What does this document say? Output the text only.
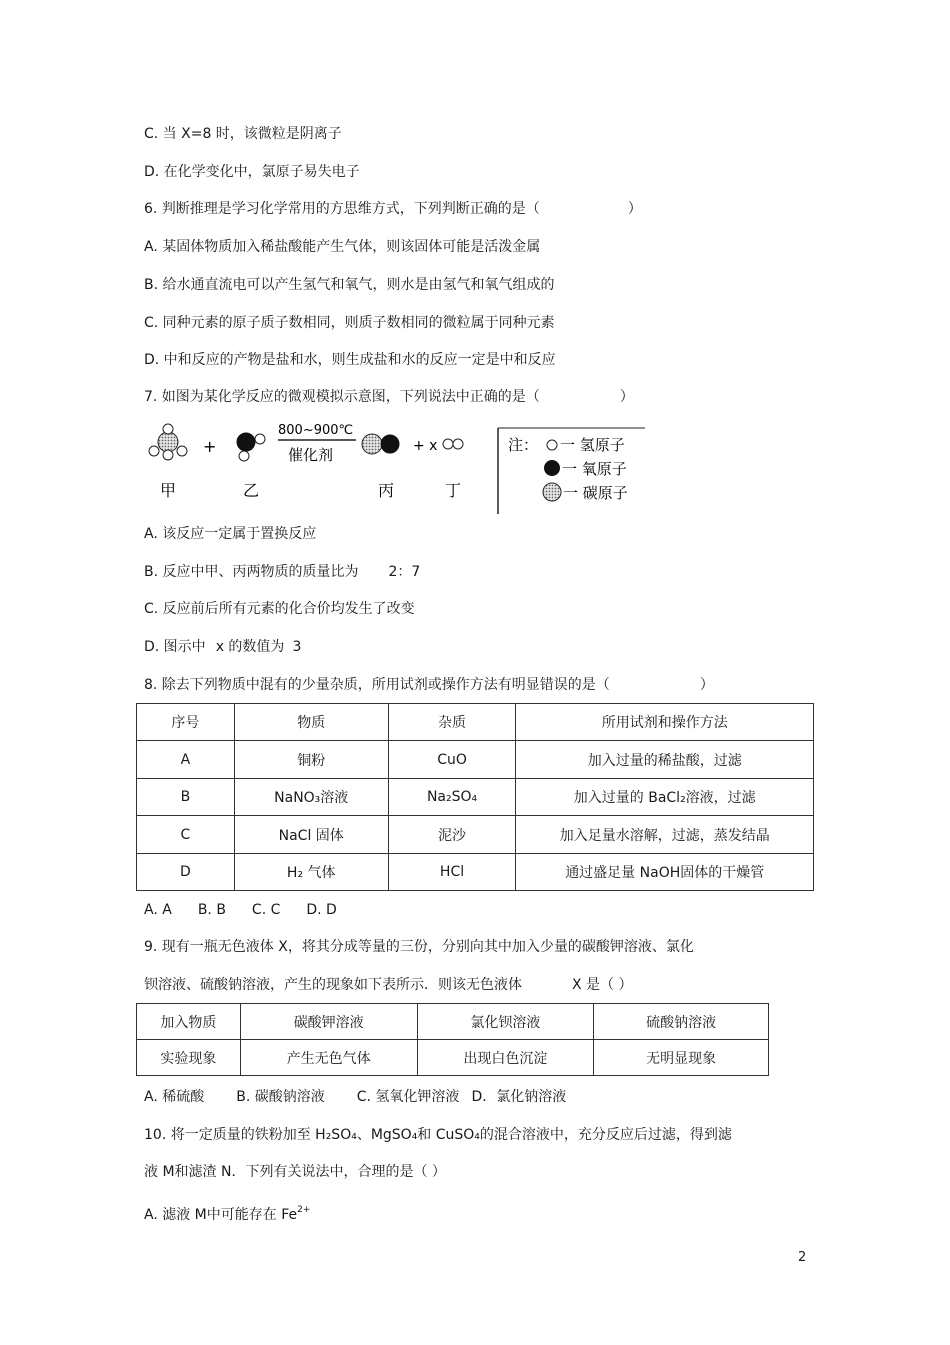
C. 当 X=8 时，该微粒是阴离子
D. 在化学变化中，氯原子易失电子
6. 判断推理是学习化学常用的方思维方式，下列判断正确的是（	）
A. 某固体物质加入稀盐酸能产生气体，则该固体可能是活泼金属
B. 给水通直流电可以产生氢气和氧气，则水是由氢气和氧气组成的
C. 同种元素的原子质子数相同，则质子数相同的微粒属于同种元素
D. 中和反应的产物是盐和水，则生成盐和水的反应一定是中和反应
7. 如图为某化学反应的微观模拟示意图，下列说法中正确的是（	）
+
800~900℃
催化剂	+ x
甲	乙	丙	丁
注： 一 氢原子
一 氧原子
一 碳原子
A. 该反应一定属于置换反应
B. 反应中甲、丙两物质的质量比为 2：7
C. 反应前后所有元素的化合价均发生了改变
D. 图示中 x 的数值为 3
8. 除去下列物质中混有的少量杂质，所用试剂或操作方法有明显错误的是（	）
序号	物质	杂质	所用试剂和操作方法
A	铜粉	CuO	加入过量的稀盐酸，过滤
B	NaNO₃溶液	Na₂SO₄	加入过量的 BaCl₂溶液，过滤
C	NaCl 固体	泥沙	加入足量水溶解，过滤，蒸发结晶
D	H₂ 气体	HCl	通过盛足量 NaOH固体的干燥管
A. A B. B C. C D. D
9. 现有一瓶无色液体 X，将其分成等量的三份，分别向其中加入少量的碳酸钾溶液、氯化
钡溶液、硫酸钠溶液，产生的现象如下表所示．则该无色液体	X 是（ ）
加入物质	碳酸钾溶液	氯化钡溶液	硫酸钠溶液
实验现象	产生无色气体	出现白色沉淀	无明显现象
A. 稀硫酸 B. 碳酸钠溶液 C. 氢氧化钾溶液 D．氯化钠溶液
10. 将一定质量的铁粉加至 H₂SO₄、MgSO₄和 CuSO₄的混合溶液中，充分反应后过滤，得到滤
液 M和滤渣 N．下列有关说法中，合理的是（ ）
A. 滤液 M中可能存在 $Fe^{2+}$
2
